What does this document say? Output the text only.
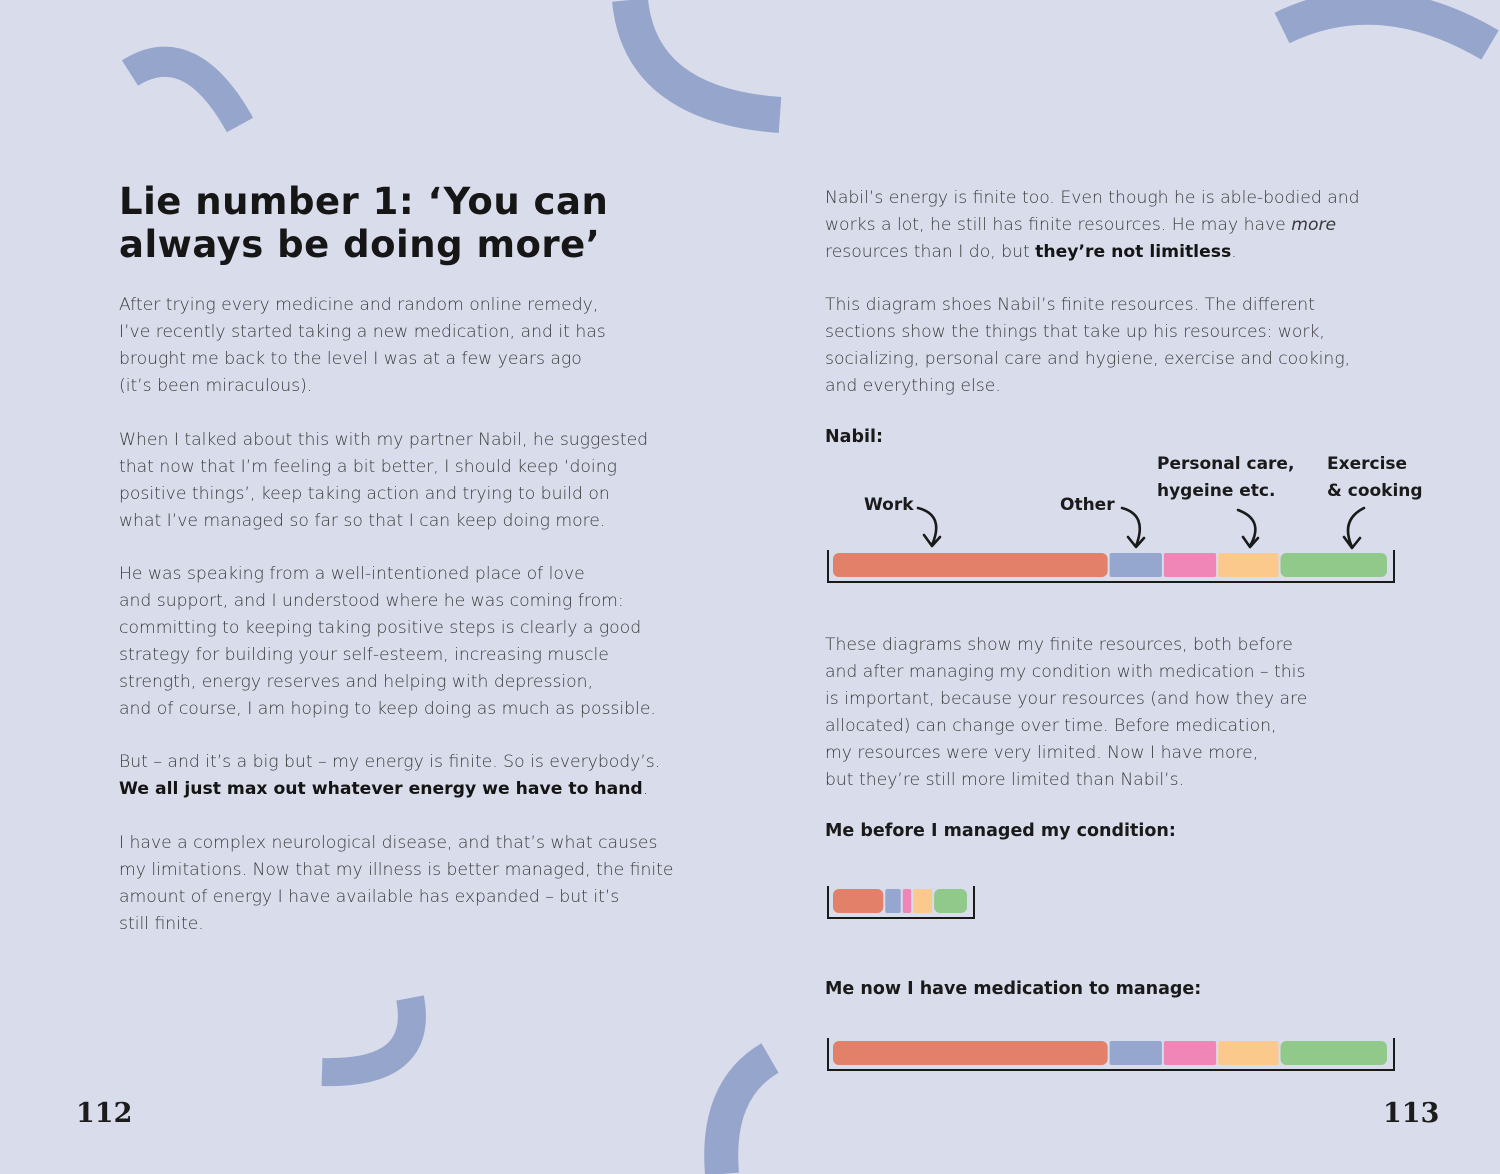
Lie number 1: ‘You can
always be doing more’

After trying every medicine and random online remedy,
I’ve recently started taking a new medication, and it has
brought me back to the level I was at a few years ago
(it’s been miraculous).

When I talked about this with my partner Nabil, he suggested
that now that I’m feeling a bit better, I should keep ‘doing
positive things’, keep taking action and trying to build on
what I’ve managed so far so that I can keep doing more.

He was speaking from a well-intentioned place of love
and support, and I understood where he was coming from:
committing to keeping taking positive steps is clearly a good
strategy for building your self-esteem, increasing muscle
strength, energy reserves and helping with depression,
and of course, I am hoping to keep doing as much as possible.

But – and it’s a big but – my energy is finite. So is everybody’s.
We all just max out whatever energy we have to hand.

I have a complex neurological disease, and that’s what causes
my limitations. Now that my illness is better managed, the finite
amount of energy I have available has expanded – but it’s
still finite.

112

Nabil’s energy is finite too. Even though he is able-bodied and
works a lot, he still has finite resources. He may have more
resources than I do, but they’re not limitless.

This diagram shoes Nabil’s finite resources. The different
sections show the things that take up his resources: work,
socializing, personal care and hygiene, exercise and cooking,
and everything else.

Nabil:
Work	Other
Personal care,
hygeine etc.
Exercise
& cooking

These diagrams show my finite resources, both before
and after managing my condition with medication – this
is important, because your resources (and how they are
allocated) can change over time. Before medication,
my resources were very limited. Now I have more,
but they’re still more limited than Nabil’s.

Me before I managed my condition:
Me now I have medication to manage:
113
